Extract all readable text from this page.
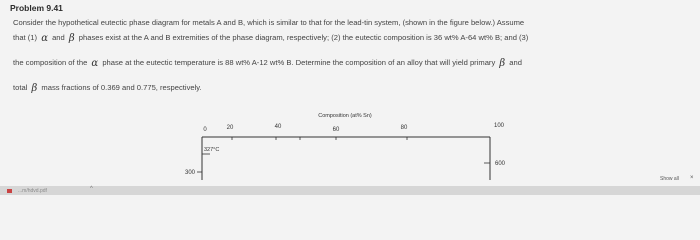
Problem 9.41
Consider the hypothetical eutectic phase diagram for metals A and B, which is similar to that for the lead-tin system, (shown in the figure below.) Assume
that (1) α and β phases exist at the A and B extremities of the phase diagram, respectively; (2) the eutectic composition is 36 wt% A-64 wt% B; and (3)
the composition of the α phase at the eutectic temperature is 88 wt% A-12 wt% B. Determine the composition of an alloy that will yield primary β and
total β mass fractions of 0.369 and 0.775, respectively.
Composition (at% Sn)
0	20	40	60	80	100
300
327°C
600
Show all ×
...m/hdvd.pdf	^
